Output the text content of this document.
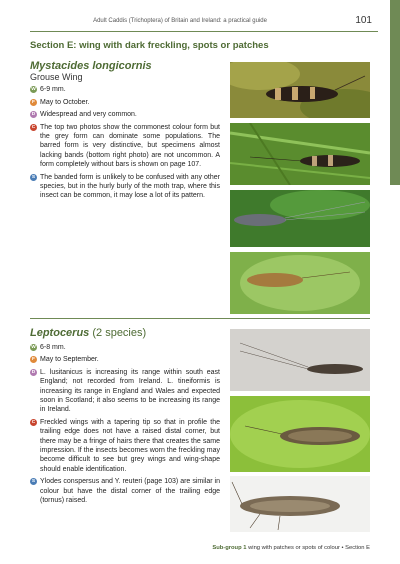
Adult Caddis (Trichoptera) of Britain and Ireland: a practical guide	101
Section E: wing with dark freckling, spots or patches
Mystacides longicornis
Grouse Wing
W 6-9 mm.
F May to October.
D Widespread and very common.
C The top two photos show the commonest colour form but the grey form can dominate some populations. The barred form is very distinctive, but specimens almost lacking bands (bottom right photo) are not uncommon. A form completely without bars is shown on page 107.
S The banded form is unlikely to be confused with any other species, but in the hurly burly of the moth trap, where this insect can be common, it may lose a lot of its pattern.
Leptocerus (2 species)
W 6-8 mm.
F May to September.
D L. lusitanicus is increasing its range within south east England; not recorded from Ireland. L. tineiformis is increasing its range in England and Wales and expected soon in Scotland; it also seems to be increasing its range in Ireland.
C Freckled wings with a tapering tip so that in profile the trailing edge does not have a raised distal corner, but there may be a fringe of hairs there that creates the same impression. If the insects becomes worn the freckling may become difficult to see but grey wings and wing-shape should enable identification.
S Ylodes conspersus and Y. reuteri (page 103) are similar in colour but have the distal corner of the trailing edge (tornus) raised.
Sub-group 1 wing with patches or spots of colour • Section E
